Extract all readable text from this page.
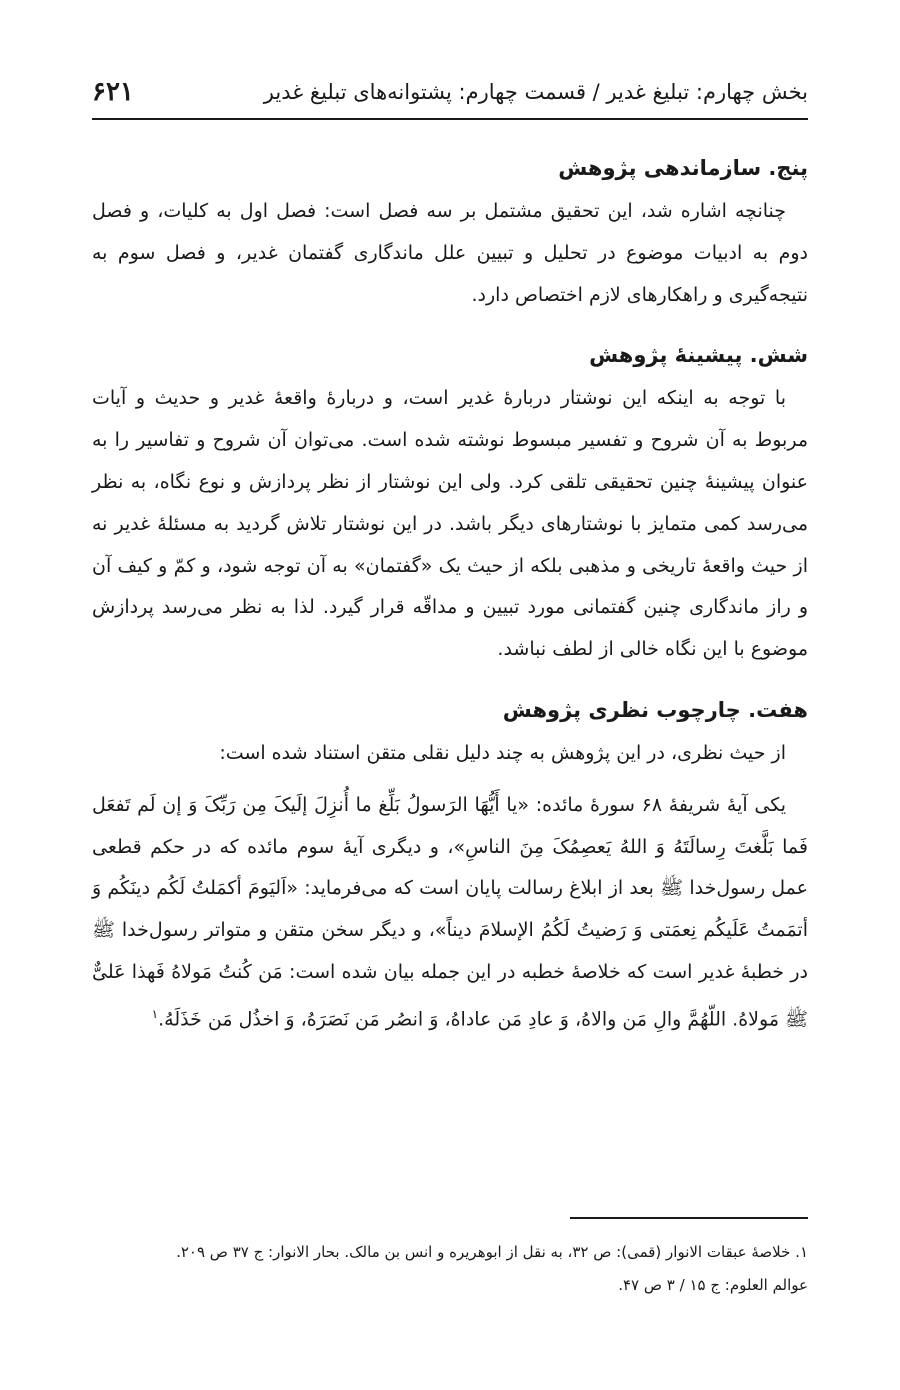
بخش چهارم: تبلیغ غدیر / قسمت چهارم: پشتوانه‌های تبلیغ غدیر
۶۲۱

پنج. سازماندهی پژوهش

چنانچه اشاره شد، این تحقیق مشتمل بر سه فصل است: فصل اول به کلیات، و فصل دوم به ادبیات موضوع در تحلیل و تبیین علل ماندگاری گفتمان غدیر، و فصل سوم به نتیجه‌گیری و راهکارهای لازم اختصاص دارد.

شش. پیشینهٔ پژوهش

با توجه به اینکه این نوشتار دربارهٔ غدیر است، و دربارهٔ واقعهٔ غدیر و حدیث و آیات مربوط به آن شروح و تفسیر مبسوط نوشته شده است. می‌توان آن شروح و تفاسیر را به عنوان پیشینهٔ چنین تحقیقی تلقی کرد. ولی این نوشتار از نظر پردازش و نوع نگاه، به نظر می‌رسد کمی متمایز با نوشتارهای دیگر باشد. در این نوشتار تلاش گردید به مسئلهٔ غدیر نه از حیث واقعهٔ تاریخی و مذهبی بلکه از حیث یک «گفتمان» به آن توجه شود، و کمّ و کیف آن و راز ماندگاری چنین گفتمانی مورد تبیین و مداقّه قرار گیرد. لذا به نظر می‌رسد پردازش موضوع با این نگاه خالی از لطف نباشد.

هفت. چارچوب نظری پژوهش

از حیث نظری، در این پژوهش به چند دلیل نقلی متقن استناد شده است:

یکی آیهٔ شریفهٔ ۶۸ سورهٔ مائده: «یا أَیُّهَا الرَسولُ بَلِّغ ما أُنزِلَ إلَیکَ مِن رَبِّکَ وَ إن لَم تَفعَل فَما بَلَّغتَ رِسالَتَهُ وَ اللهُ یَعصِمُکَ مِنَ الناسِ»، و دیگری آیهٔ سوم مائده که در حکم قطعی عمل رسول‌خدا ﷺ بعد از ابلاغ رسالت پایان است که می‌فرماید: «اَلیَومَ أکمَلتُ لَکُم دینَکُم وَ أتمَمتُ عَلَیکُم نِعمَتی وَ رَضیتُ لَکُمُ الإسلامَ دیناً»، و دیگر سخن متقن و متواتر رسول‌خدا ﷺ در خطبهٔ غدیر است که خلاصهٔ خطبه در این جمله بیان شده است: مَن کُنتُ مَولاهُ فَهذا عَلیٌّ ﷺ مَولاهُ. اللّهُمَّ والِ مَن والاهُ، وَ عادِ مَن عاداهُ، وَ انصُر مَن نَصَرَهُ، وَ اخذُل مَن خَذَلَهُ.$^۱$

۱. خلاصهٔ عبقات الانوار (قمی): ص ۳۲، به نقل از ابوهریره و انس بن مالک. بحار الانوار: ج ۳۷ ص ۲۰۹.

عوالم العلوم: ج ۱۵ / ۳ ص ۴۷.
